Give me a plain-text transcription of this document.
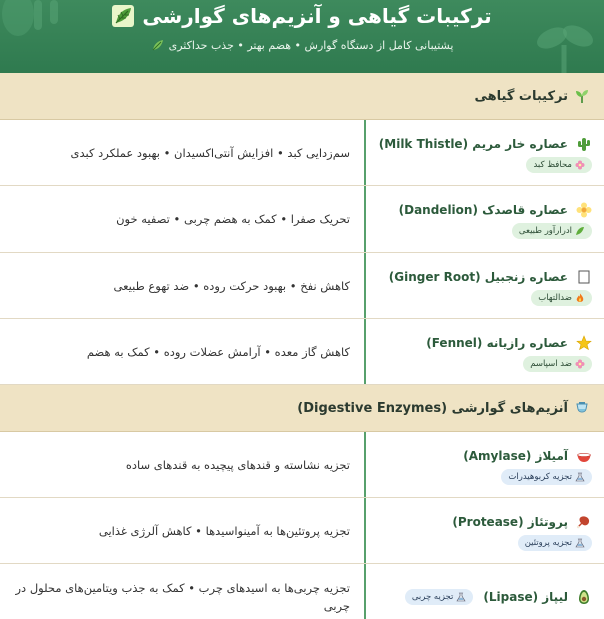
ترکیبات گیاهی و آنزیم‌های گوارشی
پشتیبانی کامل از دستگاه گوارش • هضم بهتر • جذب حداکثری
ترکیبات گیاهی
عصاره خار مریم (Milk Thistle)
محافظ کبد
سم‌زدایی کبد • افزایش آنتی‌اکسیدان • بهبود عملکرد کبدی
عصاره قاصدک (Dandelion)
ادرارآور طبیعی
تحریک صفرا • کمک به هضم چربی • تصفیه خون
عصاره زنجبیل (Ginger Root)
ضدالتهاب
کاهش نفخ • بهبود حرکت روده • ضد تهوع طبیعی
عصاره رازیانه (Fennel)
ضد اسپاسم
کاهش گاز معده • آرامش عضلات روده • کمک به هضم
آنزیم‌های گوارشی (Digestive Enzymes)
آمیلاز (Amylase)
تجزیه کربوهیدرات
تجزیه نشاسته و قندهای پیچیده به قندهای ساده
پروتئاز (Protease)
تجزیه پروتئین
تجزیه پروتئین‌ها به آمینواسیدها • کاهش آلرژی غذایی
لیپاز (Lipase)
تجزیه چربی
تجزیه چربی‌ها به اسیدهای چرب • کمک به جذب ویتامین‌های محلول در چربی
